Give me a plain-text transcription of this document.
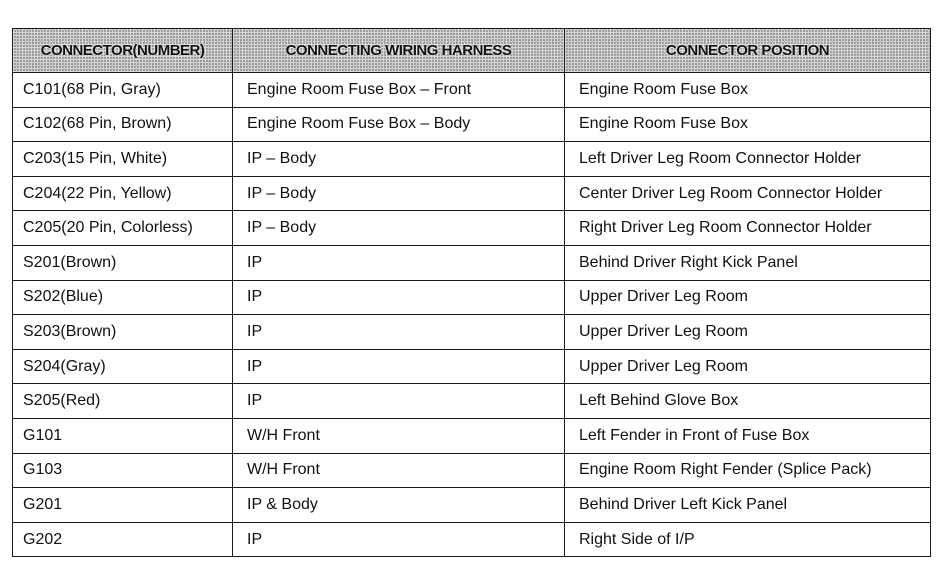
CONNECTOR(NUMBER)	CONNECTING WIRING HARNESS	CONNECTOR POSITION
C101(68 Pin, Gray)	Engine Room Fuse Box – Front	Engine Room Fuse Box
C102(68 Pin, Brown)	Engine Room Fuse Box – Body	Engine Room Fuse Box
C203(15 Pin, White)	IP – Body	Left Driver Leg Room Connector Holder
C204(22 Pin, Yellow)	IP – Body	Center Driver Leg Room Connector Holder
C205(20 Pin, Colorless)	IP – Body	Right Driver Leg Room Connector Holder
S201(Brown)	IP	Behind Driver Right Kick Panel
S202(Blue)	IP	Upper Driver Leg Room
S203(Brown)	IP	Upper Driver Leg Room
S204(Gray)	IP	Upper Driver Leg Room
S205(Red)	IP	Left Behind Glove Box
G101	W/H Front	Left Fender in Front of Fuse Box
G103	W/H Front	Engine Room Right Fender (Splice Pack)
G201	IP & Body	Behind Driver Left Kick Panel
G202	IP	Right Side of I/P
